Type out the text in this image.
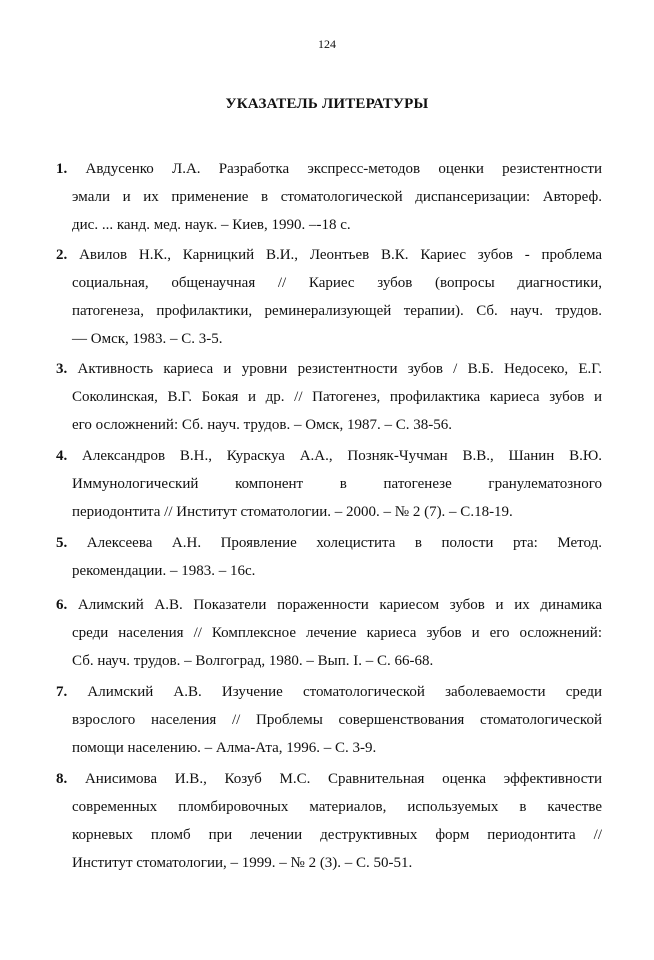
124
УКАЗАТЕЛЬ ЛИТЕРАТУРЫ
1. Авдусенко Л.А. Разработка экспресс-методов оценки резистентности
эмали и их применение в стоматологической диспансеризации: Автореф.
дис. ... канд. мед. наук. – Киев, 1990. –-18 с.
2. Авилов Н.К., Карницкий В.И., Леонтьев В.К. Кариес зубов - проблема
социальная, общенаучная // Кариес зубов (вопросы диагностики,
патогенеза, профилактики, реминерализующей терапии). Сб. науч. трудов.
— Омск, 1983. – С. 3-5.
3. Активность кариеса и уровни резистентности зубов / В.Б. Недосеко, Е.Г.
Соколинская, В.Г. Бокая и др. // Патогенез, профилактика кариеса зубов и
его осложнений: Сб. науч. трудов. – Омск, 1987. – С. 38-56.
4. Александров В.Н., Кураскуа А.А., Позняк-Чучман В.В., Шанин В.Ю.
Иммунологический компонент в патогенезе гранулематозного
периодонтита // Институт стоматологии. – 2000. – № 2 (7). – С.18-19.
5. Алексеева А.Н. Проявление холецистита в полости рта: Метод.
рекомендации. – 1983. – 16с.
6. Алимский А.В. Показатели пораженности кариесом зубов и их динамика
среди населения // Комплексное лечение кариеса зубов и его осложнений:
Сб. науч. трудов. – Волгоград, 1980. – Вып. I. – С. 66-68.
7. Алимский А.В. Изучение стоматологической заболеваемости среди
взрослого населения // Проблемы совершенствования стоматологической
помощи населению. – Алма-Ата, 1996. – С. 3-9.
8. Анисимова И.В., Козуб М.С. Сравнительная оценка эффективности
современных пломбировочных материалов, используемых в качестве
корневых пломб при лечении деструктивных форм периодонтита //
Институт стоматологии, – 1999. – № 2 (3). – С. 50-51.
